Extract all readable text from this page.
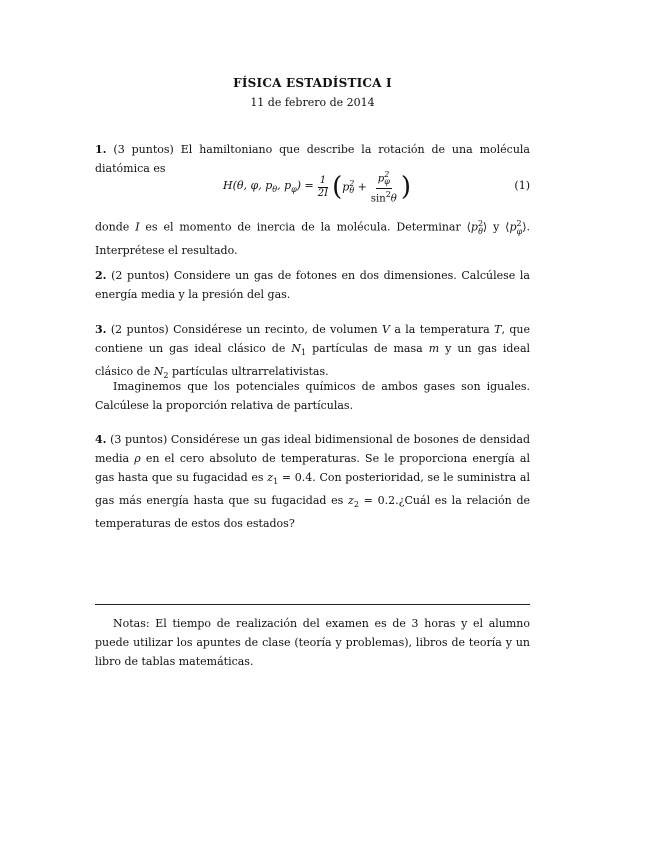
FÍSICA ESTADÍSTICA I
11 de febrero de 2014
1. (3 puntos) El hamiltoniano que describe la rotación de una molécula diatómica es
H(θ, φ, $p_\theta$, $p_\varphi) = \frac{1}{2I}$ ( $p^2_\theta + \frac{p^2_\varphi}{\sin^2\theta}$ )	(1)
donde I es el momento de inercia de la molécula. Determinar $⟨p^2_\theta⟩$ y $⟨p^2_\varphi⟩$. Interprétese el resultado.
2. (2 puntos) Considere un gas de fotones en dos dimensiones. Calcúlese la energía media y la presión del gas.
3. (2 puntos) Considérese un recinto, de volumen V a la temperatura T, que contiene un gas ideal clásico de $N_1$ partículas de masa m y un gas ideal clásico de $N_2$ partículas ultrarrelativistas.
Imaginemos que los potenciales químicos de ambos gases son iguales. Calcúlese la proporción relativa de partículas.
4. (3 puntos) Considérese un gas ideal bidimensional de bosones de densidad media ρ en el cero absoluto de temperaturas. Se le proporciona energía al gas hasta que su fugacidad es $z_1 = 0.4$. Con posterioridad, se le suministra al gas más energía hasta que su fugacidad es $z_2$ = 0.2.¿Cuál es la relación de temperaturas de estos dos estados?
Notas: El tiempo de realización del examen es de 3 horas y el alumno puede utilizar los apuntes de clase (teoría y problemas), libros de teoría y un libro de tablas matemáticas.
